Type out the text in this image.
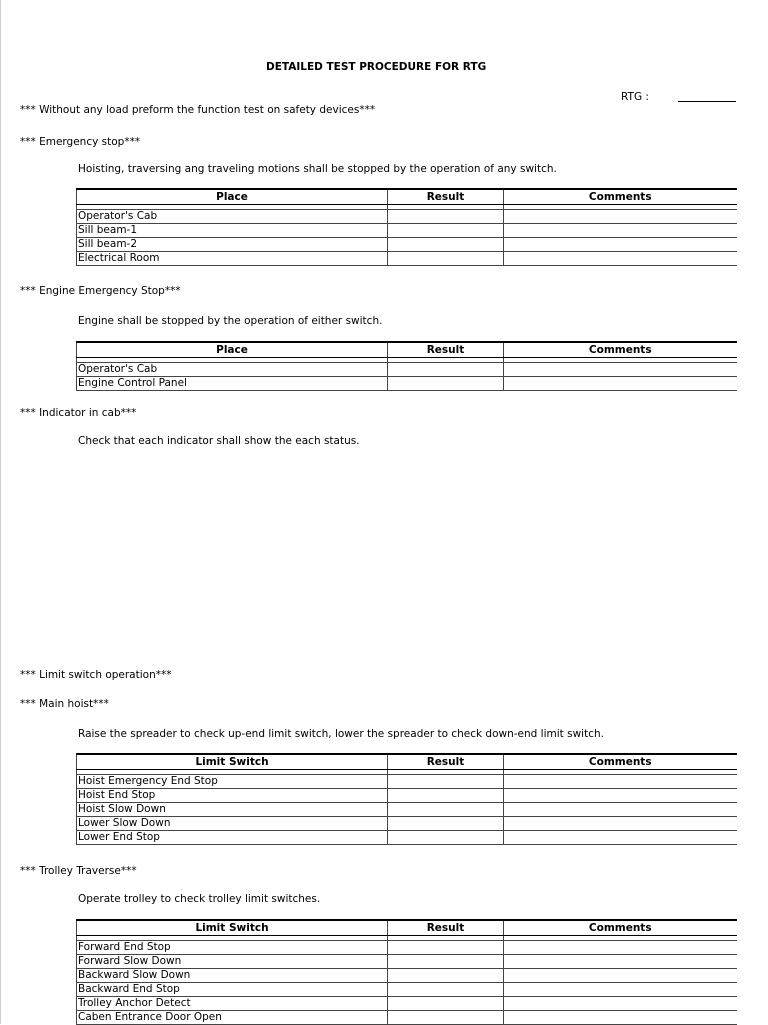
DETAILED TEST PROCEDURE FOR RTG
RTG :
*** Without any load preform the function test on safety devices***
*** Emergency stop***
Hoisting, traversing ang traveling motions shall be stopped by the operation of any switch.
Place	Result	Comments

Operator's Cab		
Sill beam-1		
Sill beam-2		
Electrical Room		
*** Engine Emergency Stop***
Engine shall be stopped by the operation of either switch.
Place	Result	Comments

Operator's Cab		
Engine Control Panel		
*** Indicator in cab***
Check that each indicator shall show the each status.
*** Limit switch operation***
*** Main hoist***
Raise the spreader to check up-end limit switch, lower the spreader to check down-end limit switch.
Limit Switch	Result	Comments

Hoist Emergency End Stop		
Hoist End Stop		
Hoist Slow Down		
Lower Slow Down		
Lower End Stop		
*** Trolley Traverse***
Operate trolley to check trolley limit switches.
Limit Switch	Result	Comments

Forward End Stop		
Forward Slow Down		
Backward Slow Down		
Backward End Stop		
Trolley Anchor Detect		
Caben Entrance Door Open		
